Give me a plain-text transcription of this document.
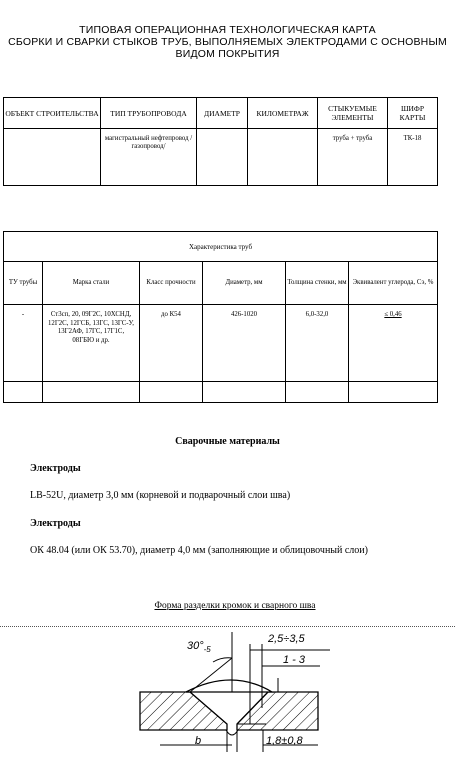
ТИПОВАЯ ОПЕРАЦИОННАЯ ТЕХНОЛОГИЧЕСКАЯ КАРТА
СБОРКИ И СВАРКИ СТЫКОВ ТРУБ, ВЫПОЛНЯЕМЫХ ЭЛЕКТРОДАМИ С ОСНОВНЫМ
ВИДОМ ПОКРЫТИЯ
ОБЪЕКТ СТРОИТЕЛЬСТВА	ТИП ТРУБОПРОВОДА	ДИАМЕТР	КИЛОМЕТРАЖ	СТЫКУЕМЫЕ ЭЛЕМЕНТЫ	ШИФР КАРТЫ
	магистральный нефтепровод /газопровод/			труба + труба	ТК-18
Характеристика труб					
ТУ трубы	Марка стали	Класс прочности	Диаметр, мм	Толщина стенки, мм	Эквивалент углерода, Сэ, %
-	Ст3сп, 20, 09Г2С, 10ХСНД, 12Г2С, 12ГСБ, 13ГС, 13ГС-У, 13Г2АФ, 17ГС, 17Г1С, 08ГБЮ и др.	до К54	426-1020	6,0-32,0	≤ 0,46

Сварочные материалы
Электроды
LB-52U, диаметр 3,0 мм (корневой и подварочный слои шва)
Электроды
ОК 48.04 (или ОК 53.70), диаметр 4,0 мм (заполняющие и облицовочный слои)
Форма разделки кромок и сварного шва
$30^\circ_{-5}$
2,5÷3,5
1 - 3
b	1,8±0,8
